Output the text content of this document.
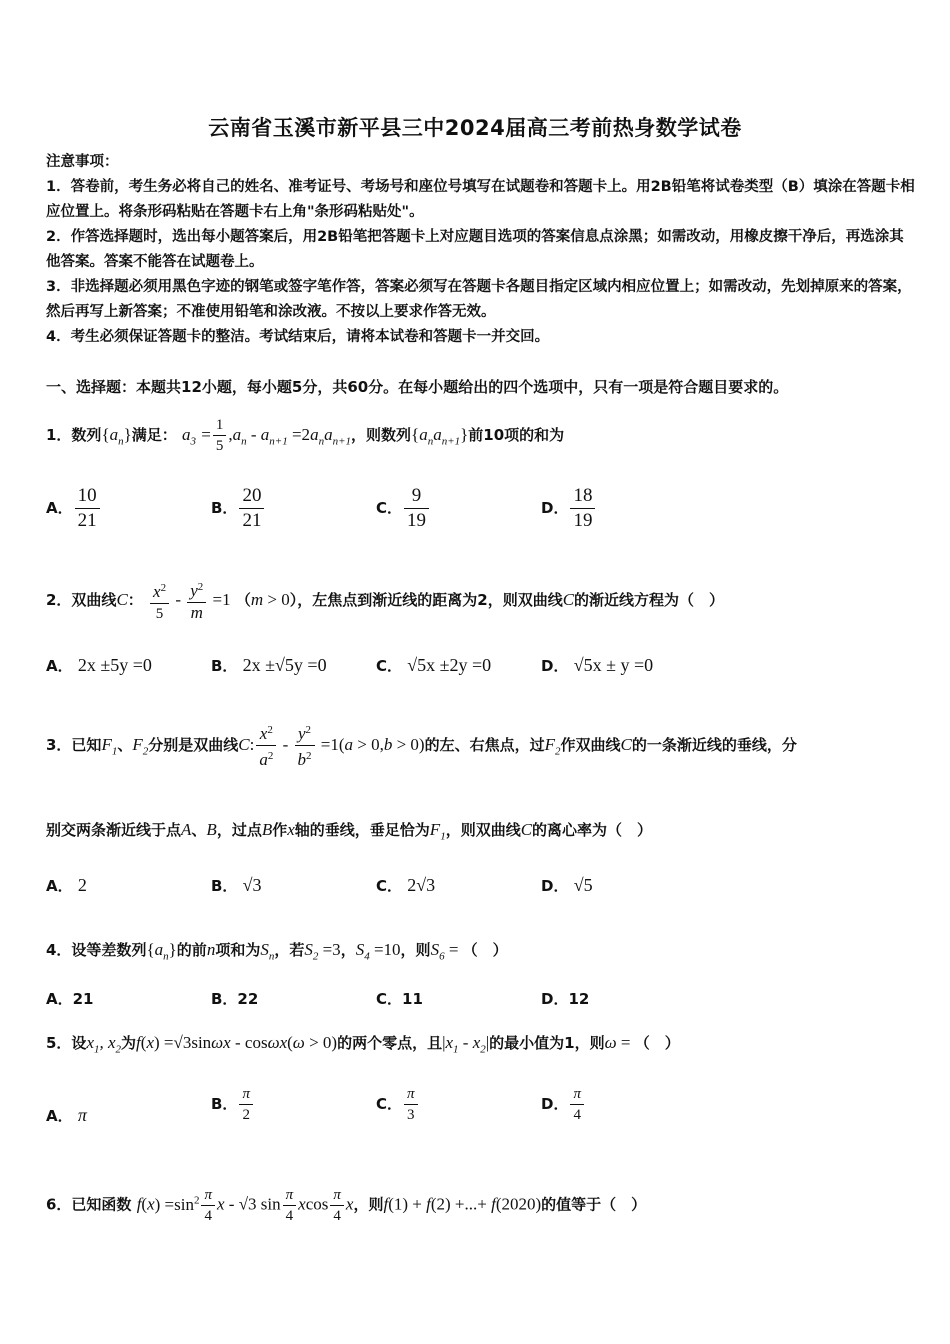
云南省玉溪市新平县三中2024届高三考前热身数学试卷
注意事项：
1．答卷前，考生务必将自己的姓名、准考证号、考场号和座位号填写在试题卷和答题卡上。用2B铅笔将试卷类型（B）填涂在答题卡相应位置上。将条形码粘贴在答题卡右上角"条形码粘贴处"。
2．作答选择题时，选出每小题答案后，用2B铅笔把答题卡上对应题目选项的答案信息点涂黑；如需改动，用橡皮擦干净后，再选涂其他答案。答案不能答在试题卷上。
3．非选择题必须用黑色字迹的钢笔或签字笔作答，答案必须写在答题卡各题目指定区域内相应位置上；如需改动，先划掉原来的答案，然后再写上新答案；不准使用铅笔和涂改液。不按以上要求作答无效。
4．考生必须保证答题卡的整洁。考试结束后，请将本试卷和答题卡一并交回。
一、选择题：本题共12小题，每小题5分，共60分。在每小题给出的四个选项中，只有一项是符合题目要求的。
1．数列$\{a_n\}$满足： $a_3 = \frac{1}{5} ,a_n - a_{n+1} =2a_na_{n+1}$，则数列$\{a_na_{n+1}\}$前10项的和为
A． $\frac{10}{21}$	B． $\frac{20}{21}$	C． $\frac{9}{19}$	D． $\frac{18}{19}$
2．双曲线C： $\frac{x^2}{5} - \frac{y^2}{m} =1$ （m > 0），左焦点到渐近线的距离为2，则双曲线C的渐近线方程为（　）
A． 2x ±5y =0	B． 2x ±√5y =0	C． √5x ±2y =0	D． √5x ± y =0
3．已知$F_1$、$F_2$分别是双曲线C: $\frac{x^2}{a^2} - \frac{y^2}{b^2} =1(a > 0,b > 0)$的左、右焦点，过$F_2$作双曲线C的一条渐近线的垂线，分
别交两条渐近线于点A、B，过点B作x轴的垂线，垂足恰为$F_1$，则双曲线C的离心率为（　）
A． 2	B． √3	C． 2√3	D． √5
4．设等差数列$\{a_n\}$的前n项和为$S_n$，若$S_2 =3$，$S_4 =10$，则$S_6$ = （　）
A．21	B．22	C．11	D．12
5．设$x_1$, $x_2$为f(x) =√3sinωx - cosωx(ω > 0)的两个零点，且$|x_1 - x_2|$的最小值为1，则ω = （　）
A． π
B． $\frac{\pi}{2}$	C． $\frac{\pi}{3}$	D． $\frac{\pi}{4}$
6．已知函数 $f(x) =\sin^2 \frac{\pi}{4}$ x - √3 $\sin \frac{\pi}{4}$ xcos $\frac{\pi}{4}$ x，则f(1) + f(2) +...+ f(2020)的值等于（　）
